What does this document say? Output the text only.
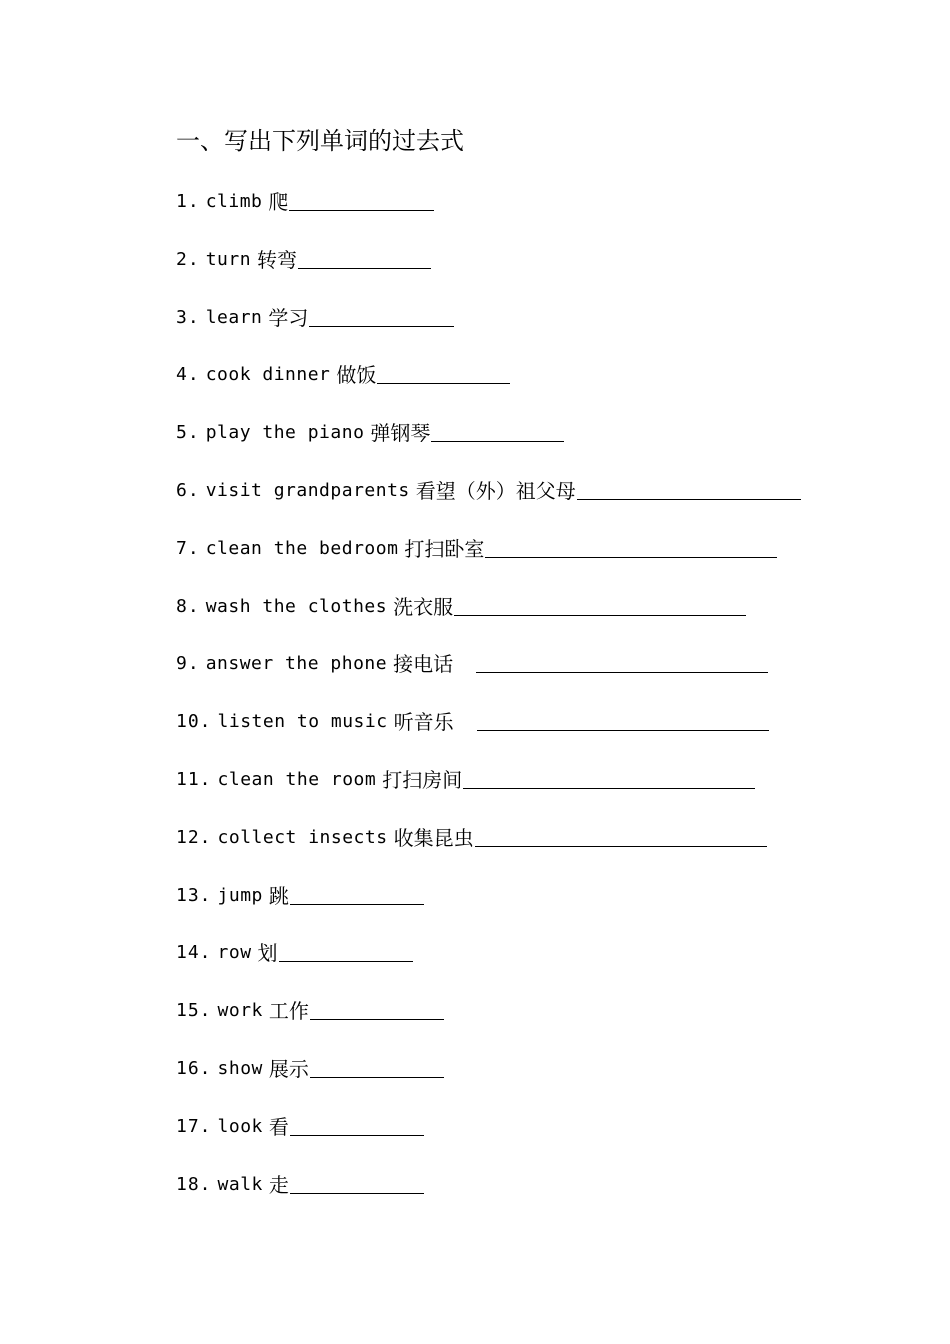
一、写出下列单词的过去式
1. climb 爬
2. turn 转弯
3. learn 学习
4. cook dinner 做饭
5. play the piano 弹钢琴
6. visit grandparents 看望（外）祖父母
7. clean the bedroom 打扫卧室
8. wash the clothes 洗衣服
9. answer the phone 接电话
10. listen to music 听音乐
11. clean the room 打扫房间
12. collect insects 收集昆虫
13. jump 跳
14. row 划
15. work 工作
16. show 展示
17. look 看
18. walk 走
